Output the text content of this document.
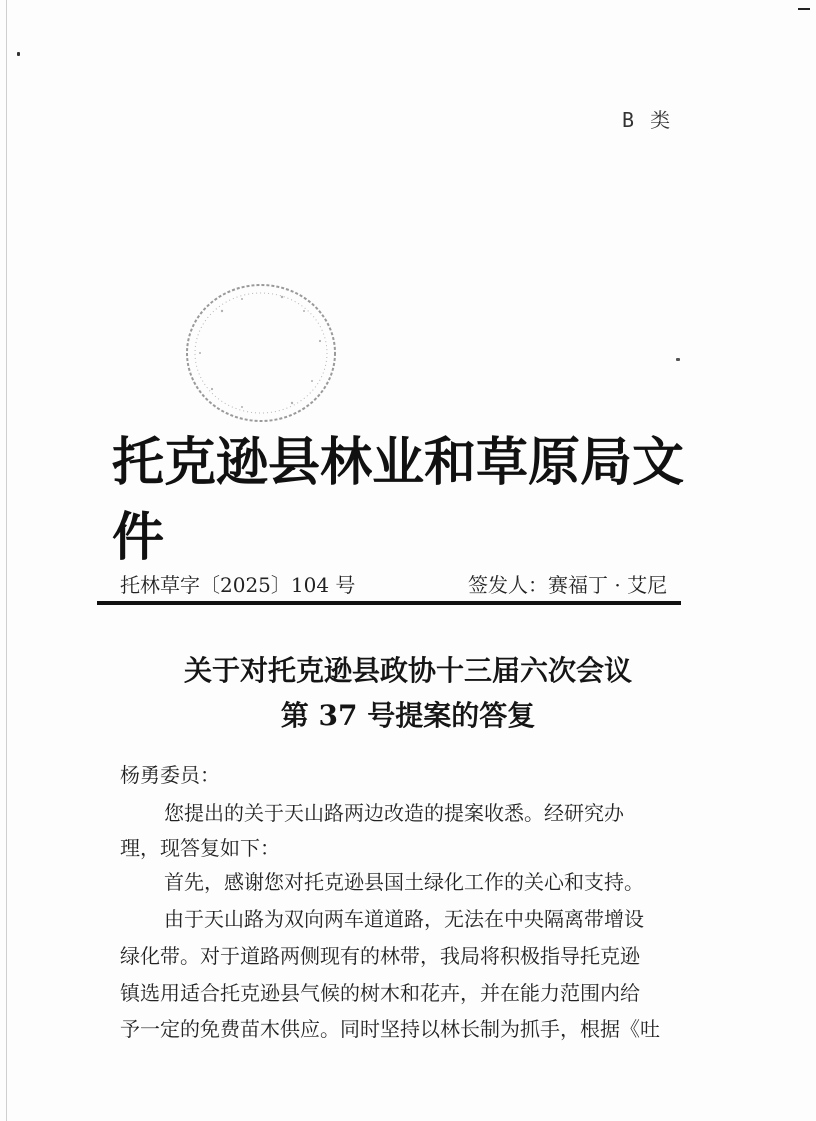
B 类
托克逊县林业和草原局文件
托林草字〔2025〕104 号	签发人：赛福丁 · 艾尼
关于对托克逊县政协十三届六次会议
第 37 号提案的答复
杨勇委员：
您提出的关于天山路两边改造的提案收悉。经研究办
理，现答复如下：
首先，感谢您对托克逊县国土绿化工作的关心和支持。
由于天山路为双向两车道道路，无法在中央隔离带增设
绿化带。对于道路两侧现有的林带，我局将积极指导托克逊
镇选用适合托克逊县气候的树木和花卉，并在能力范围内给
予一定的免费苗木供应。同时坚持以林长制为抓手，根据《吐
